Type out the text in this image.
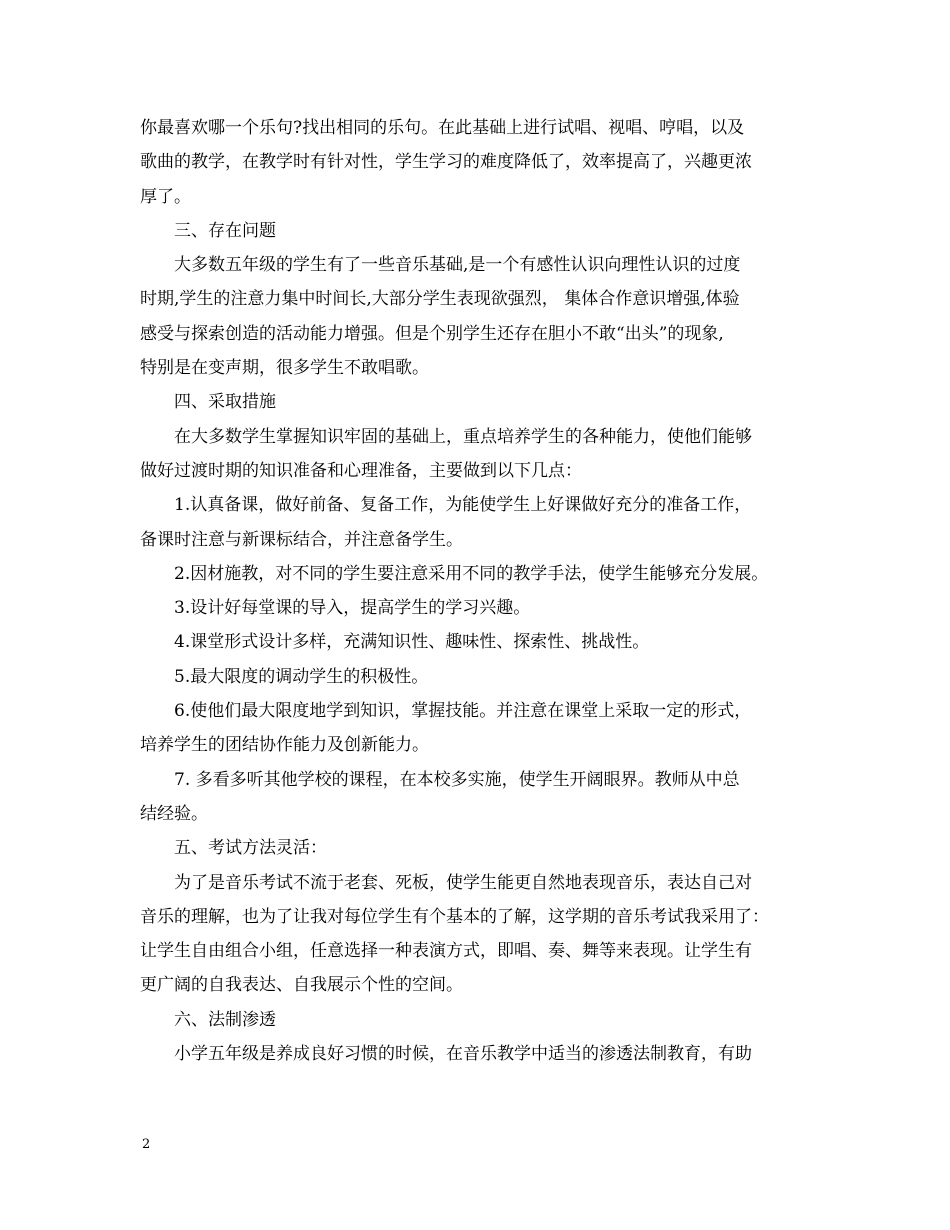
你最喜欢哪一个乐句?找出相同的乐句。在此基础上进行试唱、视唱、哼唱，以及

歌曲的教学，在教学时有针对性，学生学习的难度降低了，效率提高了，兴趣更浓

厚了。

三、存在问题

大多数五年级的学生有了一些音乐基础,是一个有感性认识向理性认识的过度

时期,学生的注意力集中时间长,大部分学生表现欲强烈， 集体合作意识增强,体验

感受与探索创造的活动能力增强。但是个别学生还存在胆小不敢“出头”的现象,

特别是在变声期，很多学生不敢唱歌。

四、采取措施

在大多数学生掌握知识牢固的基础上，重点培养学生的各种能力，使他们能够

做好过渡时期的知识准备和心理准备，主要做到以下几点：

1.认真备课，做好前备、复备工作，为能使学生上好课做好充分的准备工作，

备课时注意与新课标结合，并注意备学生。

2.因材施教，对不同的学生要注意采用不同的教学手法，使学生能够充分发展。

3.设计好每堂课的导入，提高学生的学习兴趣。

4.课堂形式设计多样，充满知识性、趣味性、探索性、挑战性。

5.最大限度的调动学生的积极性。

6.使他们最大限度地学到知识，掌握技能。并注意在课堂上采取一定的形式，

培养学生的团结协作能力及创新能力。

7. 多看多听其他学校的课程，在本校多实施，使学生开阔眼界。教师从中总

结经验。

五、考试方法灵活：

为了是音乐考试不流于老套、死板，使学生能更自然地表现音乐，表达自己对

音乐的理解，也为了让我对每位学生有个基本的了解，这学期的音乐考试我采用了：

让学生自由组合小组，任意选择一种表演方式，即唱、奏、舞等来表现。让学生有

更广阔的自我表达、自我展示个性的空间。

六、法制渗透

小学五年级是养成良好习惯的时候，在音乐教学中适当的渗透法制教育，有助

2
